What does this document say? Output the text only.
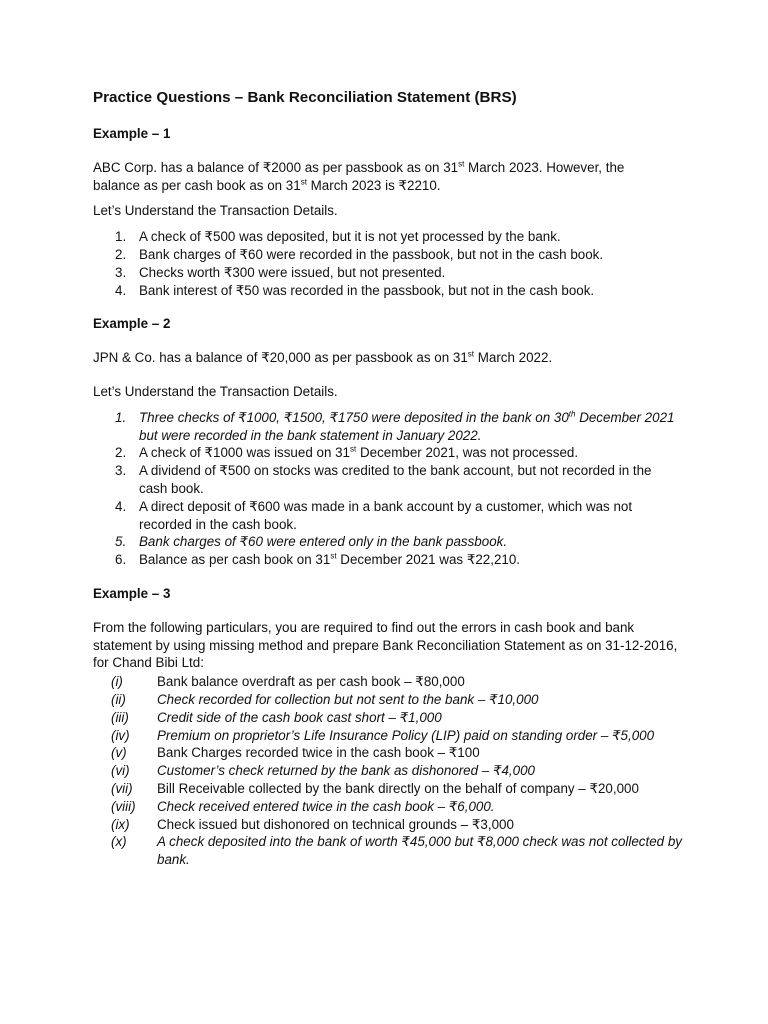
Practice Questions – Bank Reconciliation Statement (BRS)
Example – 1

ABC Corp. has a balance of ₹2000 as per passbook as on 31st March 2023. However, the
balance as per cash book as on 31st March 2023 is ₹2210.

Let’s Understand the Transaction Details.

1. A check of ₹500 was deposited, but it is not yet processed by the bank.
2. Bank charges of ₹60 were recorded in the passbook, but not in the cash book.
3. Checks worth ₹300 were issued, but not presented.
4. Bank interest of ₹50 was recorded in the passbook, but not in the cash book.
Example – 2

JPN & Co. has a balance of ₹20,000 as per passbook as on 31st March 2022.

Let’s Understand the Transaction Details.

1. Three checks of ₹1000, ₹1500, ₹1750 were deposited in the bank on 30th December 2021 but were recorded in the bank statement in January 2022.
2. A check of ₹1000 was issued on 31st December 2021, was not processed.
3. A dividend of ₹500 on stocks was credited to the bank account, but not recorded in the cash book.
4. A direct deposit of ₹600 was made in a bank account by a customer, which was not recorded in the cash book.
5. Bank charges of ₹60 were entered only in the bank passbook.
6. Balance as per cash book on 31st December 2021 was ₹22,210.
Example – 3

From the following particulars, you are required to find out the errors in cash book and bank statement by using missing method and prepare Bank Reconciliation Statement as on 31-12-2016, for Chand Bibi Ltd:

(i)	Bank balance overdraft as per cash book – ₹80,000
(ii) Check recorded for collection but not sent to the bank – ₹10,000
(iii) Credit side of the cash book cast short – ₹1,000
(iv) Premium on proprietor’s Life Insurance Policy (LIP) paid on standing order – ₹5,000
(v) Bank Charges recorded twice in the cash book – ₹100
(vi) Customer’s check returned by the bank as dishonored – ₹4,000
(vii) Bill Receivable collected by the bank directly on the behalf of company – ₹20,000
(viii) Check received entered twice in the cash book – ₹6,000.
(ix) Check issued but dishonored on technical grounds – ₹3,000
(x) A check deposited into the bank of worth ₹45,000 but ₹8,000 check was not collected by bank.
